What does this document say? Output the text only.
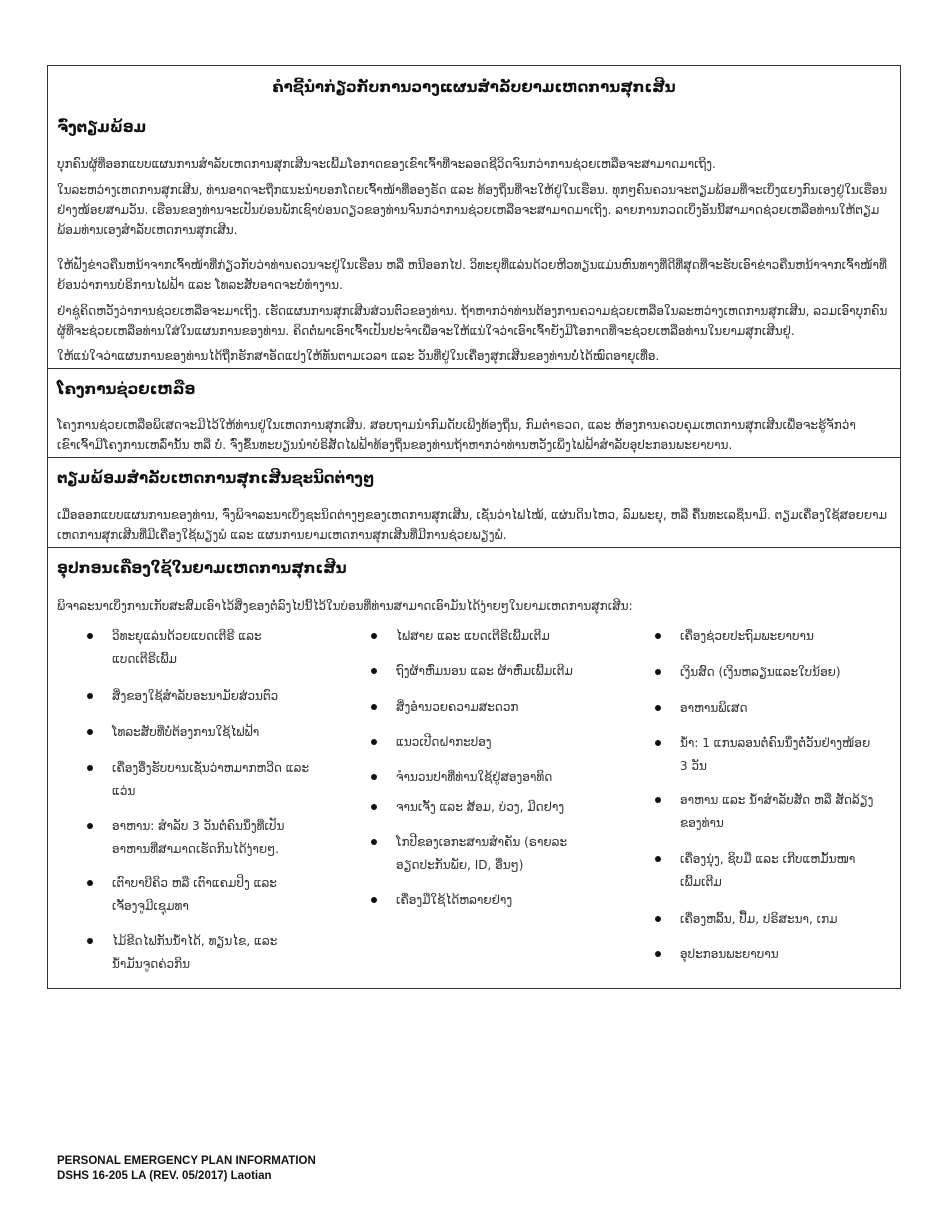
ຄໍາຊີ້ນໍາກ່ຽວກັບການວາງແຜນສໍາລັບຍາມເຫດການສຸກເສີນ
ຈົ່ງຕຽມພ້ອມ
ບຸກຄົນຜູ້ທີ່ອອກແບບແຜນການສໍາລັບເຫດການສຸກເສີນຈະເພີ້ມໂອກາດຂອງເຂົາເຈົ້າທີ່ຈະລອດຊີວິດຈົນກວ່າການຊ່ວຍເຫລືອຈະສາມາດມາເຖິງ.
ໃນລະຫວ່າງເຫດການສຸກເສີນ, ທ່ານອາດຈະຖືກແນະນໍາບອກໂດຍເຈົ້າໜ້າທີ່ອອງຣັດ ແລະ ທ້ອງຖິ່ນທີ່ຈະໃຫ້ຢູ່ໃນເຮືອນ. ທຸກໆຄົນຄວນຈະຕຽມພ້ອມທີ່ຈະເບິ່ງແຍງກົນເອງຢູ່ໃນເຮືອນຢ່າງໜ້ອຍສາມວັນ. ເຮືອນຂອງທ່ານຈະເປັນບ່ອນພັກເຊົາບ່ອນດຽວຂອງທ່ານຈົນກວ່າການຊ່ວຍເຫລືອຈະສາມາດມາເຖິງ. ລາຍການກວດເບິ່ງອັນນີ້ສາມາດຊ່ວຍເຫລືອທ່ານໃຫ້ຕຽມພ້ອມທ່ານເອງສໍາລັບເຫດການສຸກເສີນ.
ໃຫ້ຟັງຂ່າວຄືນຫນ້າຈາກເຈົ້າໜ້າທີ່ກ່ຽວກັບວ່າທ່ານຄວນຈະຢູ່ໃນເຮືອນ ຫລື ຫນີອອກໄປ. ວິທະຍຸທີ່ແລ່ນດ້ວຍຫີວທຽນແມ່ນຫົນທາງທີ່ດີທີ່ສຸດທີ່ຈະຮັບເອົາຂ່າວຄືນຫນ້າຈາກເຈົ້າໜ້າທີ່ຍ້ອນວ່າການບໍຣິການໄຟຟ້າ ແລະ ໂທລະສັບອາດຈະບໍ່ທໍາງານ.
ຢ່າຊູ່ຄິດຫວັງວ່າການຊ່ວຍເຫລືອຈະມາເຖິງ. ເຮັດແຜນການສຸກເສີນສ່ວນຕົວຂອງທ່ານ. ຖ້າຫາກວ່າທ່ານຕ້ອງການຄວາມຊ່ວຍເຫລືອໃນລະຫວ່າງເຫດການສຸກເສີນ, ລວມເອົາບຸກຄົນຜູ້ທີ່ຈະຊ່ວຍເຫລືອທ່ານໃສ່ໃນແຜນການຂອງທ່ານ. ຄິດຕໍ່ພາເອົາເຈົ້າເປັນປະຈໍາເພື່ອຈະໃຫ້ແນ່ໃຈວ່າເອົາເຈົ້າຍັງມີໂອກາດທີ່ຈະຊ່ວຍເຫລືອທ່ານໃນຍາມສຸກເສີນຢູ່.
ໃຫ້ແນ່ໃຈວ່າແຜນການຂອງທ່ານໄດ້ຖືກຮັກສາອັດແປງໃຫ້ທັນຕາມເວລາ ແລະ ວັນທີ່ຢູ່ໃນເຄື່ອງສຸກເສີນຂອງທ່ານບໍ່ໄດ້ໝົດອາຍຸເທື່ອ.
ໂຄງການຊ່ວຍເຫລືອ
ໂຄງການຊ່ວຍເຫລືອພິເສດຈະມີໄວ້ໃຫ້ທ່ານຢູ່ໃນເຫດການສຸກເສີນ. ສອບຖາມນໍາກົມດັບເພີງທ້ອງຖິ່ນ, ກົມຕໍາຣວດ, ແລະ ຫ້ອງການຄວບຄຸມເຫດການສຸກເສີນເພື່ອຈະຮູ້ຈັກວ່າເຂົາເຈົ້າມີໂຄງການເຫລົ່ານັ້ນ ຫລື ບໍ່. ຈົ່ງຂຶ້ນທະບຽນນໍາບໍຣິສັດໄຟຟ້າທ້ອງຖິ່ນຂອງທ່ານຖ້າຫາກວ່າທ່ານຫວັງເພິ່ງໄຟຟ້າສໍາລັບອຸປະກອນພະຍາບານ.
ຕຽມພ້ອມສໍາລັບເຫດການສຸກເສີນຊະນິດຕ່າງໆ
ເມື່ອອອກແບບແຜນການຂອງທ່ານ, ຈົ່ງພິຈາລະນາເບິ່ງຊະນິດຕ່າງໆຂອງເຫດການສຸກເສີນ, ເຊັ່ນວ່າໄຟໄໝ້, ແຜ່ນດິນໄຫວ, ລົມພະຍຸ, ຫລື ຄື້ນທະເລຊຶນາມິ. ຕຽມເຄື່ອງໃຊ້ສອຍຍາມເຫດການສຸກເສີນທີ່ມີເຄື່ອງໃຊ້ພຽງພໍ ແລະ ແຜນການຍາມເຫດການສຸກເສີນທີ່ມີການຊ່ວຍພຽງພໍ.
ອຸປກອນເຄື່ອງໃຊ້ໃນຍາມເຫດການສຸກເສີນ
ພິຈາລະນາເບິ່ງການເກັບສະສົມເອົາໄວ້ສິ່ງຂອງຕໍ່ລົງໄປນີ້ໄວ້ໃນບ່ອນທີ່ທ່ານສາມາດເອົາມັນໄດ້ງ່າຍໆໃນຍາມເຫດການສຸກເສີນ:
ວິທະຍຸແລ່ນດ້ວຍແບດເຕີຣີ ແລະ
ແບດເຕີຣີເພີ້ມ
ສິ່ງຂອງໃຊ້ສໍາລັບອະນາມັຍສ່ວນຕົວ
ໂທລະສັບທີ່ບໍ່ຕ້ອງການໃຊ້ໄຟຟ້າ
ເຄື່ອງອື່ງຮັບບານເຊັ່ນວ່າຫມາກຫວີດ ແລະ
ແວ່ນ
ອາຫານ: ສໍາລັບ 3 ວັນຕໍ່ຄົນນຶ່ງທີ່ເປັນ
ອາຫານທີ່ສາມາດເຮັດກິນໄດ້ງ່າຍໆ.
ເຕົາບາບີຄິວ ຫລື ເຕົາແຄມປິງ ແລະ
ເຈັ້ອງຈູມີເຊຸມທາ
ໄມ້ຂີດໄຟກັນນໍ້າໄດ້, ທຽນໄຂ, ແລະ
ນໍ້າມັນຈູດຄ່ວກິນ
ໄຟສາຍ ແລະ ແບດເຕີຣີເພີ້ມເຕີມ
ຖົງຜ້າຫົ່ມນອນ ແລະ ຜ້າຫົ່ມເພີ້ມເຕີມ
ສິ່ງອໍານວຍຄວາມສະດວກ
ແນວເປີດຝາກະປອງ
ຈໍານວນປາທີ່ທ່ານໃຊ້ຢູ່ສອງອາທິດ
ຈານເຈັ້ງ ແລະ ສ້ອມ, ບ່ວງ, ມີດຢາງ
ໂກປີຂອງເອກະສານສໍາຄັນ (ຣາຍລະ
ອຽດປະກັນພັຍ, ID, ອື່ນໆ)
ເຄື່ອງມືໃຊ້ໄດ້ຫລາຍຢ່າງ
ເຄື່ອງຊ່ວຍປະຖົມພະຍາບານ
ເງິນສົດ (ເງິນຫລຽນແລະໃບນ້ອຍ)
ອາຫານພິເສດ
ນໍ້າ: 1 ແກນລອນຕໍ່ຄົນນຶ່ງຕໍ່ວັນຢ່າງໜ້ອຍ
3 ວັນ
ອາຫານ ແລະ ນໍ້າສໍາລັບສັດ ຫລື ສັດລ້ຽງ
ຂອງທ່ານ
ເຄື່ອງນຸ່ງ, ຊິບມື ແລະ ເກີບແຫມັ້ນໜາ
ເພີ້ມເຕີມ
ເຄື່ອງຫລິ້ນ, ປື້ມ, ປຣິສະນາ, ເກມ
ອຸປະກອນພະຍາບານ
PERSONAL EMERGENCY PLAN INFORMATION
DSHS 16-205 LA (REV. 05/2017) Laotian
